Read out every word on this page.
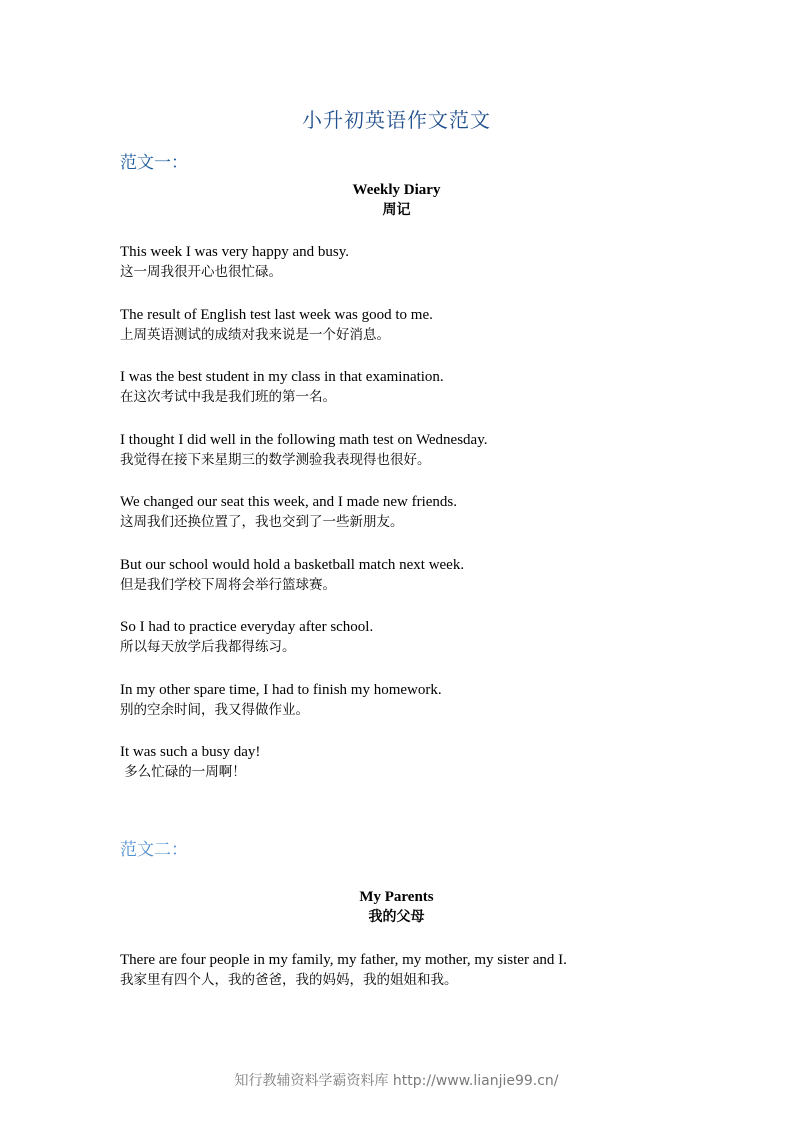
小升初英语作文范文
范文一：
Weekly Diary
周记
This week I was very happy and busy.
这一周我很开心也很忙碌。
The result of English test last week was good to me.
上周英语测试的成绩对我来说是一个好消息。
I was the best student in my class in that examination.
在这次考试中我是我们班的第一名。
I thought I did well in the following math test on Wednesday.
我觉得在接下来星期三的数学测验我表现得也很好。
We changed our seat this week, and I made new friends.
这周我们还换位置了，我也交到了一些新朋友。
But our school would hold a basketball match next week.
但是我们学校下周将会举行篮球赛。
So I had to practice everyday after school.
所以每天放学后我都得练习。
In my other spare time, I had to finish my homework.
别的空余时间，我又得做作业。
It was such a busy day!
多么忙碌的一周啊！
范文二：
My Parents
我的父母
There are four people in my family, my father, my mother, my sister and I.
我家里有四个人，我的爸爸，我的妈妈，我的姐姐和我。
知行教辅资料学霸资料库 http://www.lianjie99.cn/
